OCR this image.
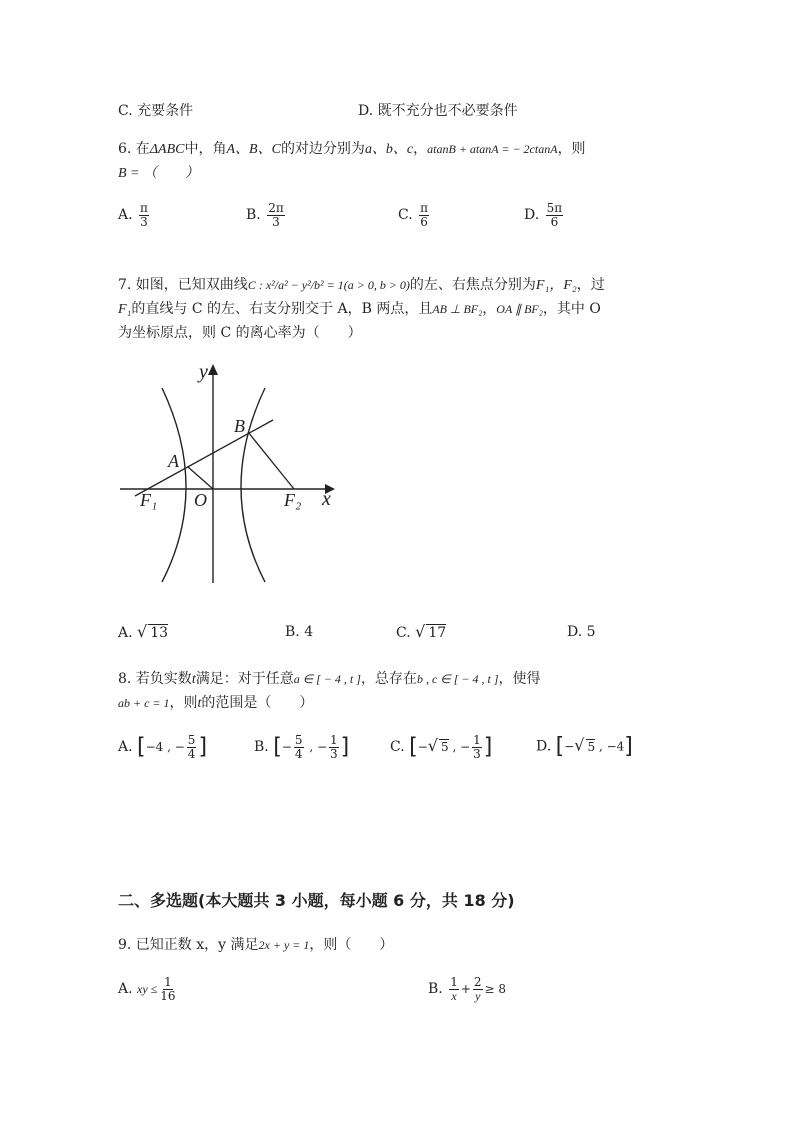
C. 充要条件	D. 既不充分也不必要条件
6. 在ΔABC中，角A、B、C的对边分别为a、b、c，atanB + atanA = − 2ctanA，则
B = （　　）
A. $\frac{\pi}{3}$	B. $\frac{2\pi}{3}$	C. $\frac{\pi}{6}$	D. $\frac{5\pi}{6}$
7. 如图，已知双曲线C : x²/a² − y²/b² = 1(a > 0, b > 0)的左、右焦点分别为F₁，F₂，过
F₁的直线与 C 的左、右支分别交于 A，B 两点，且AB ⊥ BF₂，OA ∥ BF₂，其中 O
为坐标原点，则 C 的离心率为（　　）
y
x
A
B
O
F₁	F₂
A. √ 13	B. 4	C. √ 17	D. 5
8. 若负实数t满足：对于任意a ∈ [ − 4 , t ]，总存在b , c ∈ [ − 4 , t ]，使得
ab + c = 1，则t的范围是（　　）
A. [−4 , − $\frac{5}{4}$ ]	B. [− $\frac{5}{4}$ , − $\frac{1}{3}$ ]	C. [−√ 5 , − $\frac{1}{3}$ ]	D. [−√ 5 , −4]
二、多选题(本大题共 3 小题，每小题 6 分，共 18 分)
9. 已知正数 x，y 满足2x + y = 1，则（　　）
A. xy ≤ $\frac{1}{16}$	B. $\frac{1}{x} + \frac{2}{y} \ge 8$
